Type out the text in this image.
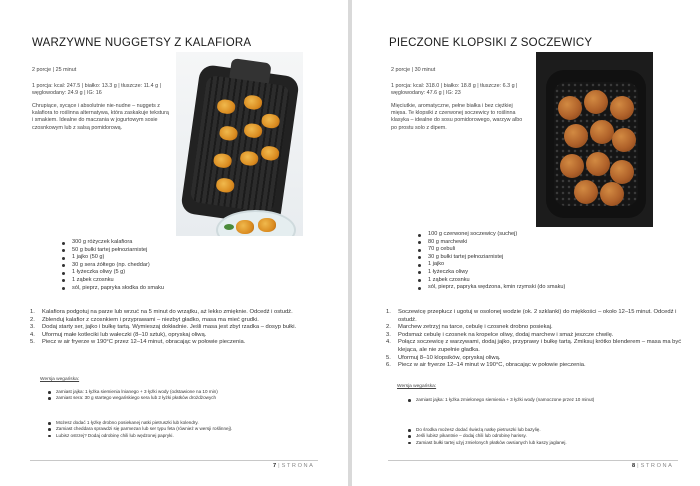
WARZYWNE NUGGETSY Z KALAFIORA
2 porcje | 25 minut
1 porcja: kcal: 247.5 | białko: 13.3 g | tłuszcze: 11.4 g | węglowodany: 24.9 g | IG: 16
Chrupiące, sycące i absolutnie nie-nudne – nuggets z kalafiora to roślinna alternatywa, która zaskakuje teksturą i smakiem. Idealne do maczania w jogurtowym sosie czosnkowym lub z salsą pomidorową.
300 g różyczek kalafiora
50 g bułki tartej pełnoziarnistej
1 jajko (50 g)
30 g sera żółtego (np. cheddar)
1 łyżeczka oliwy (5 g)
1 ząbek czosnku
sól, pieprz, papryka słodka do smaku
1. Kalafiora podgotuj na parze lub wrzuć na 5 minut do wrzątku, aż lekko zmięknie. Odcedź i ostudź.
2. Zblenduj kalafior z czosnkiem i przyprawami – niezbyt gładko, masa ma mieć grudki.
3. Dodaj starty ser, jajko i bułkę tartą. Wymieszaj dokładnie. Jeśli masa jest zbyt rzadka – dosyp bułki.
4. Uformuj małe kotleciki lub wałeczki (8–10 sztuk), opryskaj oliwą.
5. Piecz w air fryerze w 190°C przez 12–14 minut, obracając w połowie pieczenia.
Wersja wegańska:
zamiast jajka: 1 łyżka siemienia lnianego + 3 łyżki wody (odstawione na 10 min)
zamiast sera: 30 g startego wegańskiego sera lub 2 łyżki płatków drożdżowych
Możesz dodać 1 łyżkę drobno posiekanej natki pietruszki lub kolendry.
Zamiast cheddara sprawdzi się parmezan lub ser typu feta (również w wersji roślinnej).
Lubisz ostrzej? Dodaj odrobinę chili lub wędzonej papryki.
7 | STRONA
PIECZONE KLOPSIKI Z SOCZEWICY
2 porcje | 30 minut
1 porcja: kcal: 318.0 | białko: 18.8 g | tłuszcze: 6.3 g | węglowodany: 47.6 g | IG: 23
Mięciutkie, aromatyczne, pełne białka i bez ciężkiej mięsa. Te klopsiki z czerwonej soczewicy to roślinna klasyka – idealne do sosu pomidorowego, warzyw albo po prostu solo z dipem.
100 g czerwonej soczewicy (suchej)
80 g marchewki
70 g cebuli
30 g bułki tartej pełnoziarnistej
1 jajko
1 łyżeczka oliwy
1 ząbek czosnku
sól, pieprz, papryka wędzona, kmin rzymski (do smaku)
1. Soczewicę przepłucz i ugotuj w osolonej wodzie (ok. 2 szklanki) do miękkości – około 12–15 minut. Odcedź i ostudź.
2. Marchew zetrzyj na tarce, cebulę i czosnek drobno posiekaj.
3. Podsmaż cebulę i czosnek na kropelce oliwy, dodaj marchew i smaż jeszcze chwilę.
4. Połącz soczewicę z warzywami, dodaj jajko, przyprawy i bułkę tartą. Zmiksuj krótko blenderem – masa ma być klejąca, ale nie zupełnie gładka.
5. Uformuj 8–10 klopsików, opryskaj oliwą.
6. Piecz w air fryerze 12–14 minut w 190°C, obracając w połowie pieczenia.
Wersja wegańska:
zamiast jajka: 1 łyżka zmielonego siemienia + 3 łyżki wody (namoczone przez 10 minut)
Do środka możesz dodać świeżą natkę pietruszki lub bazylię.
Jeśli lubisz pikantnie – dodaj chili lub odrobinę harissy.
Zamiast bułki tartej użyj zmielonych płatków owsianych lub kaszy jaglanej.
8 | STRONA
